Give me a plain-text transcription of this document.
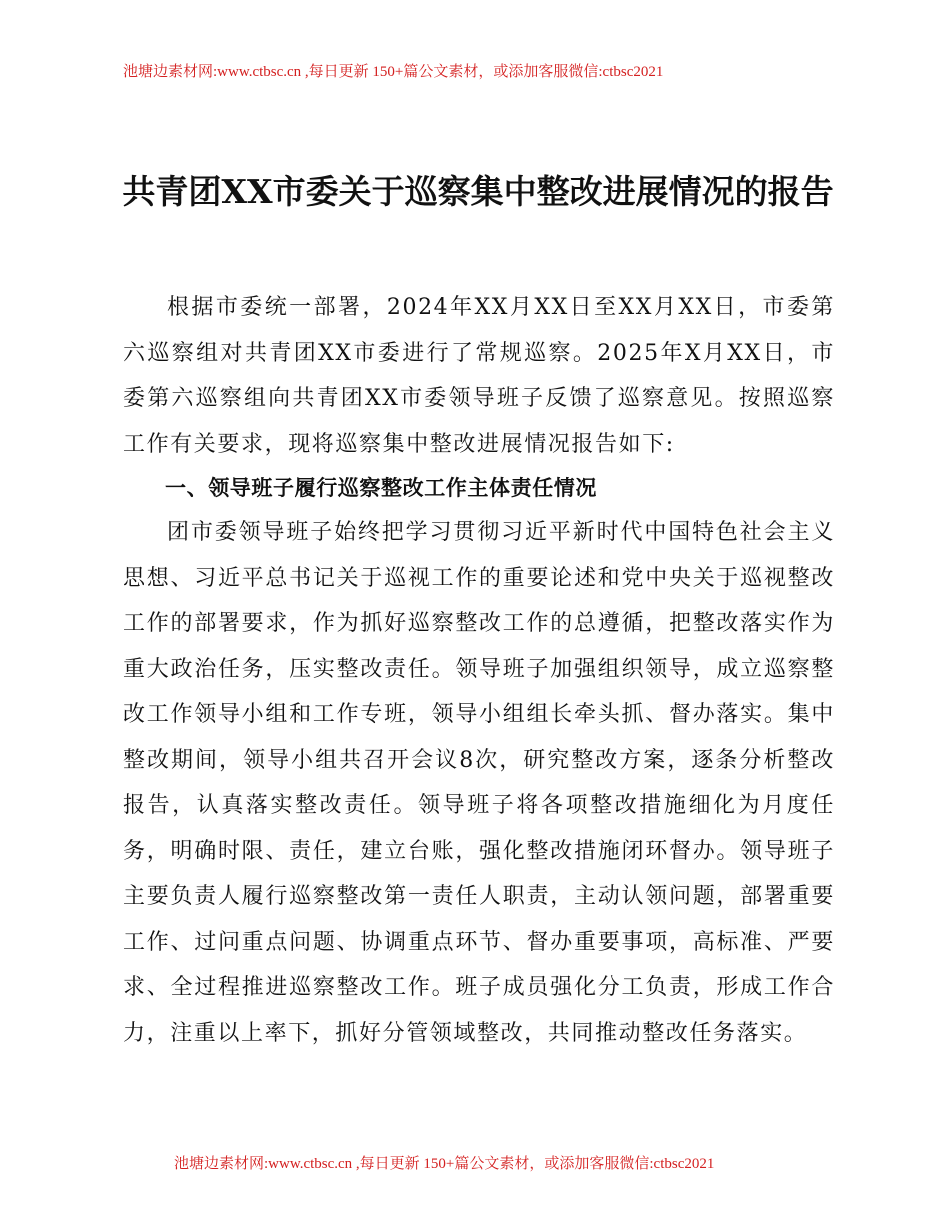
池塘边素材网:www.ctbsc.cn ,每日更新 150+篇公文素材，或添加客服微信:ctbsc2021
共青团XX市委关于巡察集中整改进展情况的报告

根据市委统一部署，2024年XX月XX日至XX月XX日，市委第六巡察组对共青团XX市委进行了常规巡察。2025年X月XX日，市委第六巡察组向共青团XX市委领导班子反馈了巡察意见。按照巡察工作有关要求，现将巡察集中整改进展情况报告如下:

一、领导班子履行巡察整改工作主体责任情况

团市委领导班子始终把学习贯彻习近平新时代中国特色社会主义思想、习近平总书记关于巡视工作的重要论述和党中央关于巡视整改工作的部署要求，作为抓好巡察整改工作的总遵循，把整改落实作为重大政治任务，压实整改责任。领导班子加强组织领导，成立巡察整改工作领导小组和工作专班，领导小组组长牵头抓、督办落实。集中整改期间，领导小组共召开会议8次，研究整改方案，逐条分析整改报告，认真落实整改责任。领导班子将各项整改措施细化为月度任务，明确时限、责任，建立台账，强化整改措施闭环督办。领导班子主要负责人履行巡察整改第一责任人职责，主动认领问题，部署重要工作、过问重点问题、协调重点环节、督办重要事项，高标准、严要求、全过程推进巡察整改工作。班子成员强化分工负责，形成工作合力，注重以上率下，抓好分管领域整改，共同推动整改任务落实。

池塘边素材网:www.ctbsc.cn ,每日更新 150+篇公文素材，或添加客服微信:ctbsc2021
